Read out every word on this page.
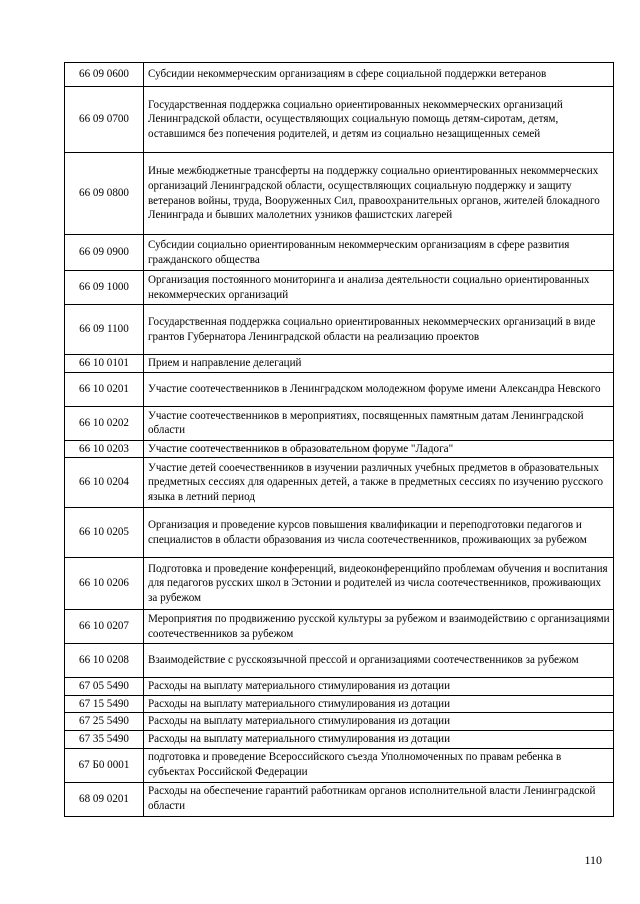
66 09 0600	Субсидии некоммерческим организациям в сфере социальной поддержки ветеранов
66 09 0700	Государственная поддержка социально ориентированных некоммерческих организаций Ленинградской области, осуществляющих социальную помощь детям-сиротам, детям, оставшимся без попечения родителей, и детям из социально незащищенных семей
66 09 0800	Иные межбюджетные трансферты на поддержку социально ориентированных некоммерческих организаций Ленинградской области, осуществляющих социальную поддержку и защиту ветеранов войны, труда, Вооруженных Сил, правоохранительных органов, жителей блокадного Ленинграда и бывших малолетних узников фашистских лагерей
66 09 0900	Субсидии социально ориентированным некоммерческим организациям в сфере развития гражданского общества
66 09 1000	Организация постоянного мониторинга и анализа деятельности социально ориентированных некоммерческих организаций
66 09 1100	Государственная поддержка социально ориентированных некоммерческих организаций в виде грантов Губернатора Ленинградской области на реализацию проектов
66 10 0101	Прием и направление делегаций
66 10 0201	Участие соотечественников в Ленинградском молодежном форуме имени Александра Невского
66 10 0202	Участие соотечественников в мероприятиях, посвященных памятным датам Ленинградской области
66 10 0203	Участие соотечественников в образовательном форуме "Ладога"
66 10 0204	Участие детей сооечественников в изучении различных учебных предметов в образовательных предметных сессиях для одаренных детей, а также в предметных сессиях по изучению русского языка в летний период
66 10 0205	Организация и проведение курсов повышения квалификации и переподготовки педагогов и специалистов в области образования из числа соотечественников, проживающих за рубежом
66 10 0206	Подготовка и проведение конференций, видеоконференцийпо проблемам обучения и воспитания для педагогов русских школ в Эстонии и родителей из числа соотечественников, проживающих за рубежом
66 10 0207	Мероприятия по продвижению русской культуры за рубежом и взаимодействию с организациями соотечественников за рубежом
66 10 0208	Взаимодействие с русскоязычной прессой и организациями соотечественников за рубежом
67 05 5490	Расходы на выплату материального стимулирования из дотации
67 15 5490	Расходы на выплату материального стимулирования из дотации
67 25 5490	Расходы на выплату материального стимулирования из дотации
67 35 5490	Расходы на выплату материального стимулирования из дотации
67 Б0 0001	подготовка и проведение Всероссийского съезда Уполномоченных по правам ребенка в субъектах Российской Федерации
68 09 0201	Расходы на обеспечение гарантий работникам органов исполнительной власти Ленинградской области
110
